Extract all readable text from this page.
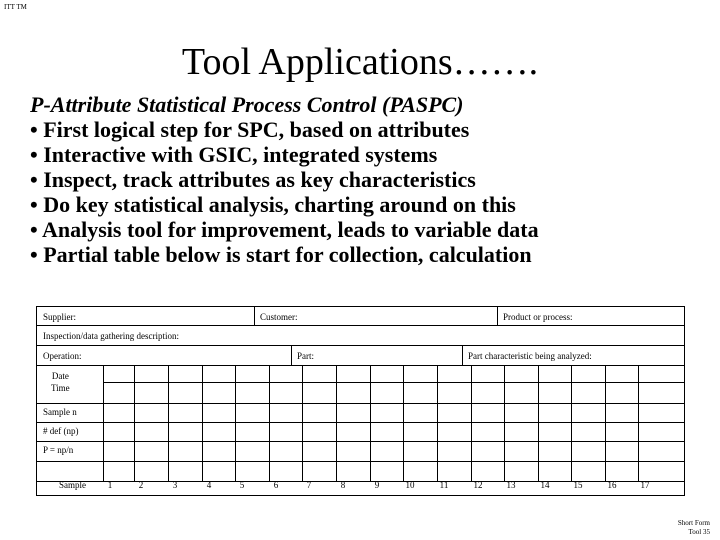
ITT TM
Tool Applications…….
P-Attribute Statistical Process Control (PASPC)
• First logical step for SPC, based on attributes
• Interactive with GSIC, integrated systems
• Inspect, track attributes as key characteristics
• Do key statistical analysis, charting around on this
• Analysis tool for improvement, leads to variable data
• Partial table below is start for collection, calculation
Supplier:	Customer:	Product or process:
Inspection/data gathering description:
Operation:	Part:	Part characteristic being analyzed:
Date
Time
Sample n
# def (np)
P = np/n
Sample	1	2	3	4	5	6	7	8	9	10	11	12	13	14	15	16	17
Short Form
Tool 35
